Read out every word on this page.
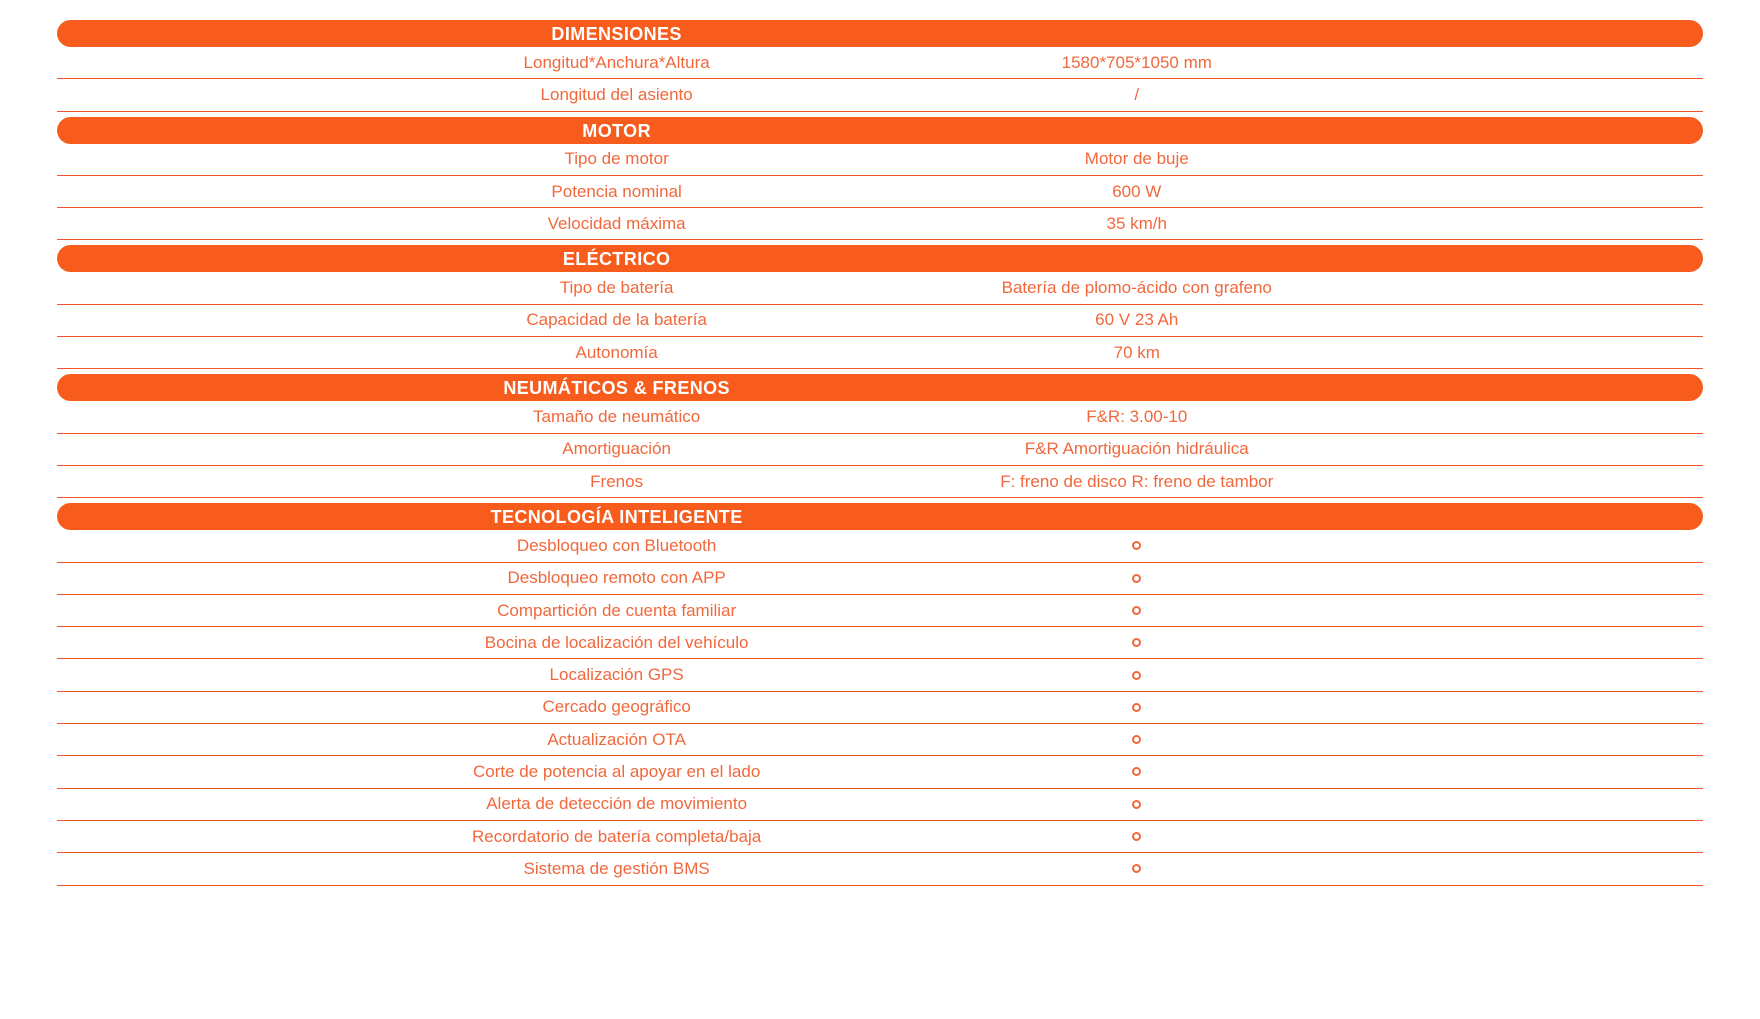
DIMENSIONES
Longitud*Anchura*Altura	1580*705*1050 mm
Longitud del asiento	/
MOTOR
Tipo de motor	Motor de buje
Potencia nominal	600 W
Velocidad máxima	35 km/h
ELÉCTRICO
Tipo de batería	Batería de plomo-ácido con grafeno
Capacidad de la batería	60 V 23 Ah
Autonomía	70 km
NEUMÁTICOS & FRENOS
Tamaño de neumático	F&R: 3.00-10
Amortiguación	F&R Amortiguación hidráulica
Frenos	F: freno de disco R: freno de tambor
TECNOLOGÍA INTELIGENTE
Desbloqueo con Bluetooth
Desbloqueo remoto con APP
Compartición de cuenta familiar
Bocina de localización del vehículo
Localización GPS
Cercado geográfico
Actualización OTA
Corte de potencia al apoyar en el lado
Alerta de detección de movimiento
Recordatorio de batería completa/baja
Sistema de gestión BMS
